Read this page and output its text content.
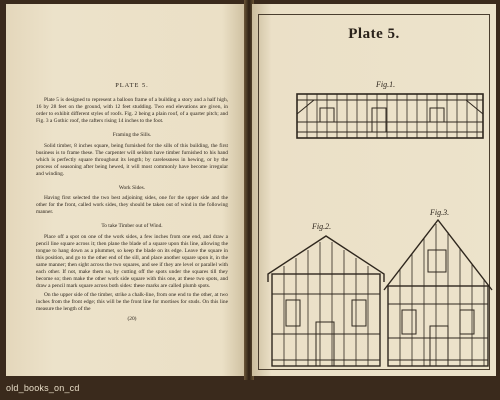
PLATE 5.

Plate 5 is designed to represent a balloon frame of a building a story and a half high, 16 by 28 feet on the ground, with 12 feet studding. Two end elevations are given, in order to exhibit different styles of roofs. Fig. 2 being a plain roof, of a quarter pitch; and Fig. 3 a Gothic roof, the rafters rising 14 inches to the foot.

Framing the Sills.

Solid timber, 8 inches square, being furnished for the sills of this building, the first business is to frame these. The carpenter will seldom have timber furnished to his hand which is perfectly square throughout its length; by carelessness in hewing, or by the process of seasoning after being hewed, it will most commonly have become irregular and winding.

Work Sides.

Having first selected the two best adjoining sides, one for the upper side and the other for the front, called work sides, they should be taken out of wind in the following manner.

To take Timber out of Wind.

Place off a spot on one of the work sides, a few inches from one end, and draw a pencil line square across it; then plane the blade of a square upon this line, allowing the tongue to hang down as a plummet, so keep the blade on its edge. Leave the square in this position, and go to the other end of the sill, and place another square upon it, in the same manner; then sight across the two squares, and see if they are level or parallel with each other. If not, make them so, by cutting off the spots under the squares till they become so; then make the other work side square with this one, at these two spots, and draw a pencil mark square across both sides: these marks are called plumb spots.

On the upper side of the timber, strike a chalk-line, from one end to the other, at two inches from the front edge; this will be the front line for mortises for studs. On this line measure the length of the

(20)
Plate 5.
Fig.1.
Fig.2.
Fig.3.
old_books_on_cd
